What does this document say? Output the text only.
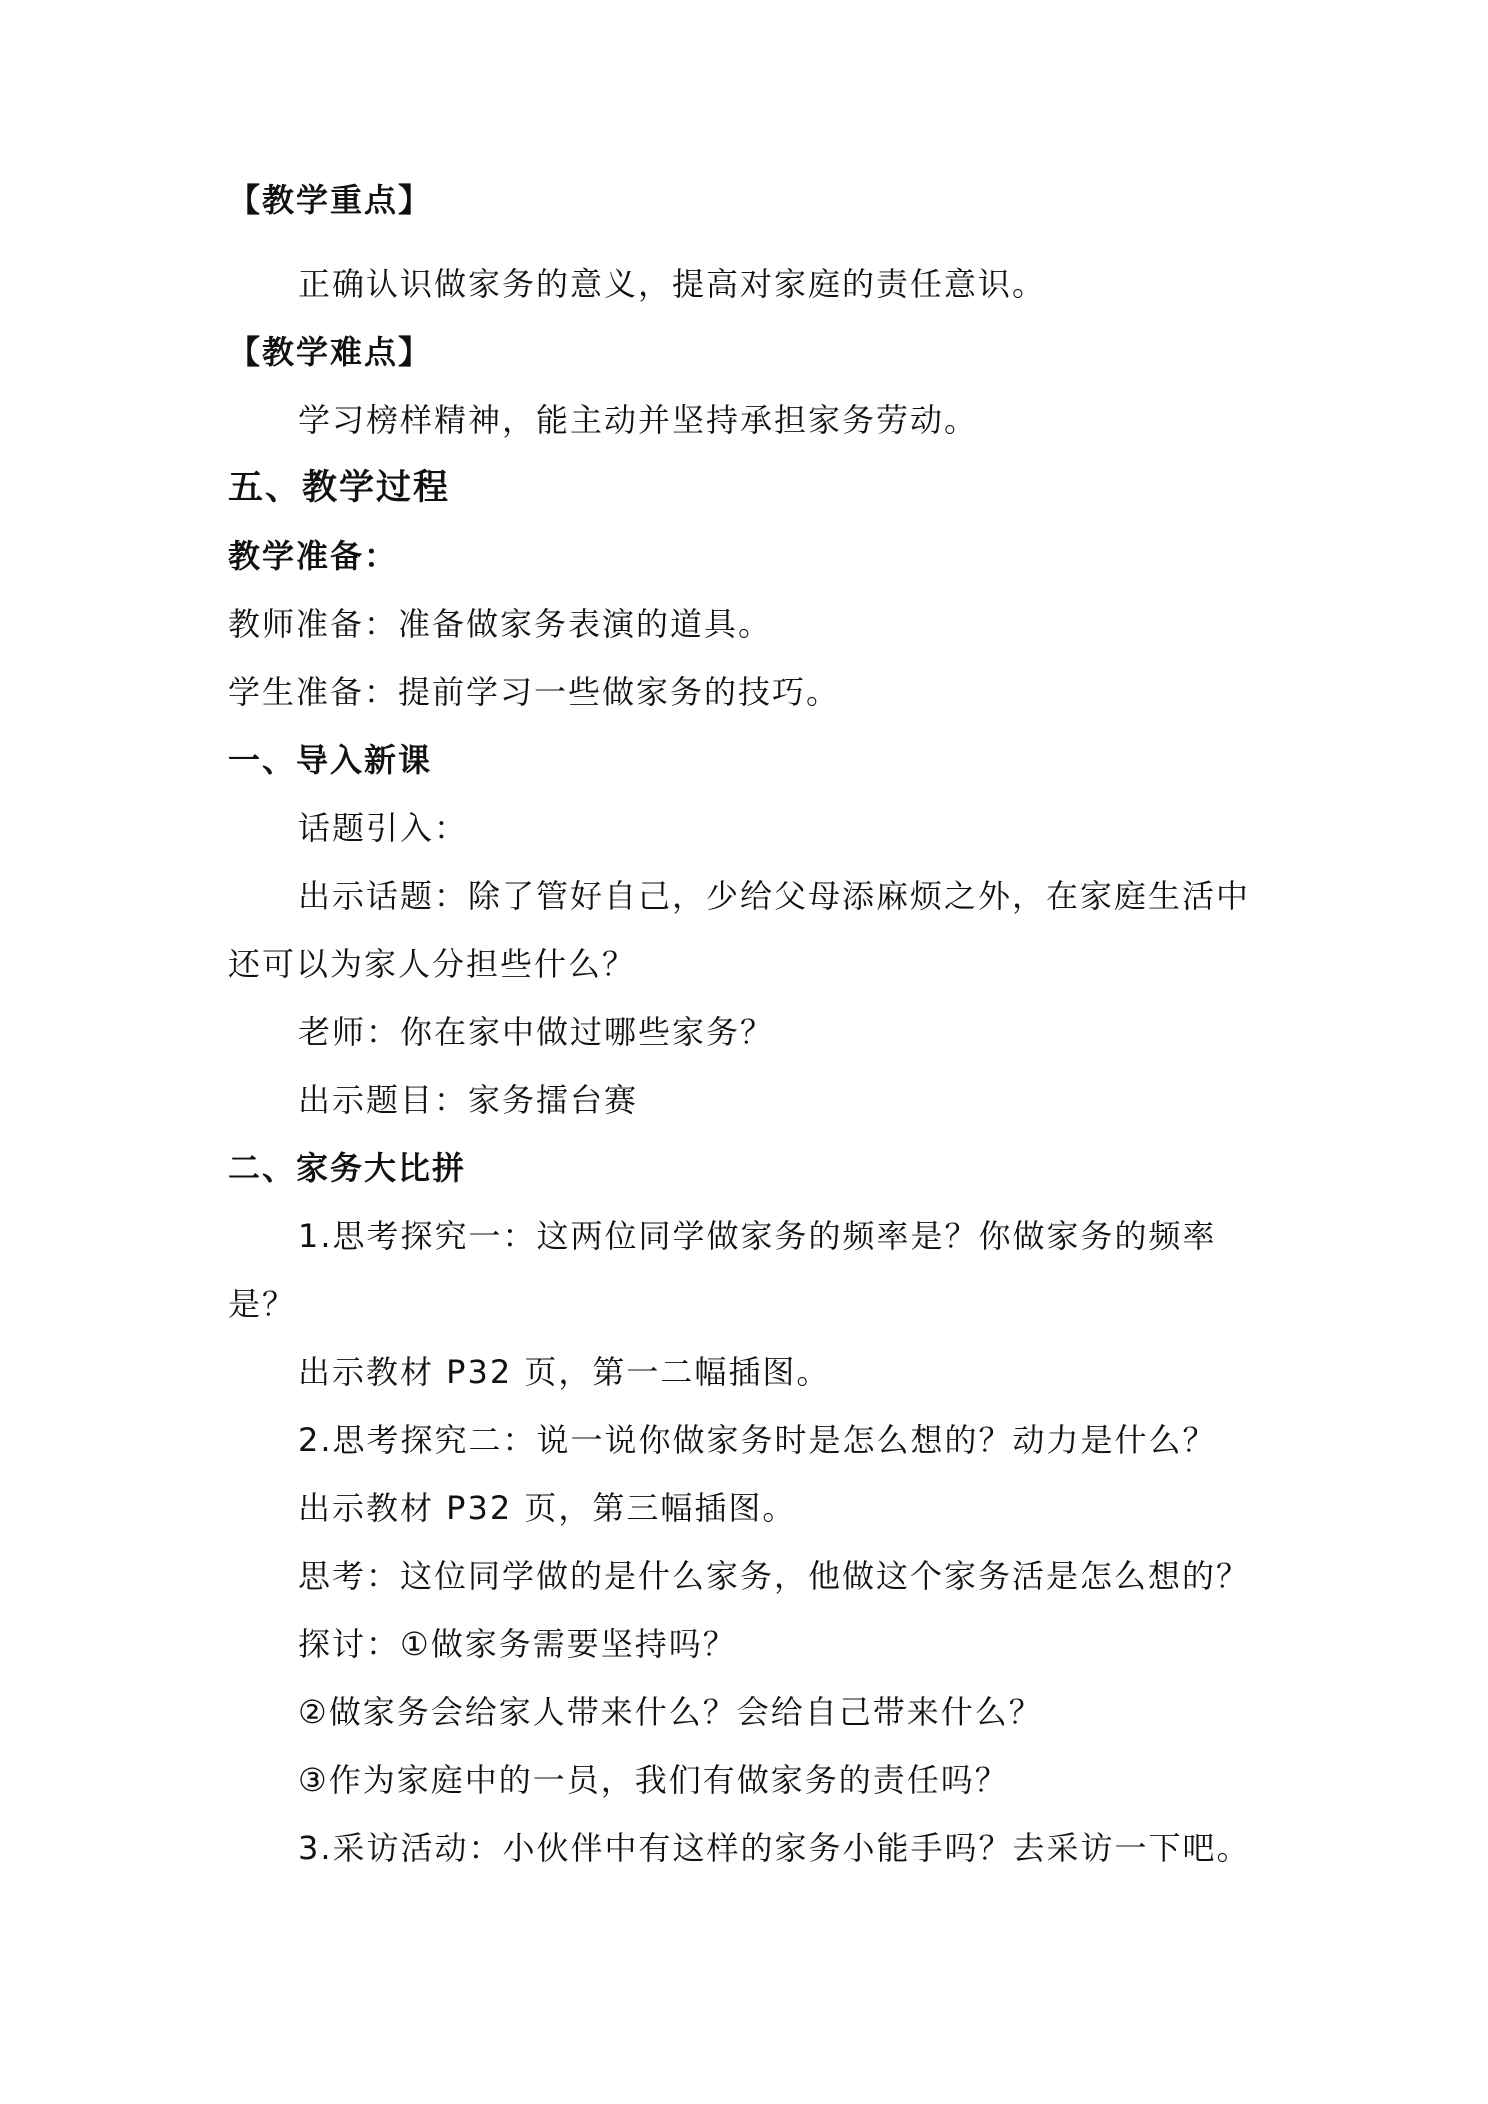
【教学重点】
正确认识做家务的意义，提高对家庭的责任意识。
【教学难点】
学习榜样精神，能主动并坚持承担家务劳动。
五、教学过程
教学准备：
教师准备：准备做家务表演的道具。
学生准备：提前学习一些做家务的技巧。
一、导入新课
话题引入：
出示话题：除了管好自己，少给父母添麻烦之外，在家庭生活中
还可以为家人分担些什么？
老师：你在家中做过哪些家务？
出示题目：家务擂台赛
二、家务大比拼
1.思考探究一：这两位同学做家务的频率是？你做家务的频率
是？
出示教材 P32 页，第一二幅插图。
2.思考探究二：说一说你做家务时是怎么想的？动力是什么？
出示教材 P32 页，第三幅插图。
思考：这位同学做的是什么家务，他做这个家务活是怎么想的？
探讨：①做家务需要坚持吗？
②做家务会给家人带来什么？会给自己带来什么？
③作为家庭中的一员，我们有做家务的责任吗？
3.采访活动：小伙伴中有这样的家务小能手吗？去采访一下吧。
